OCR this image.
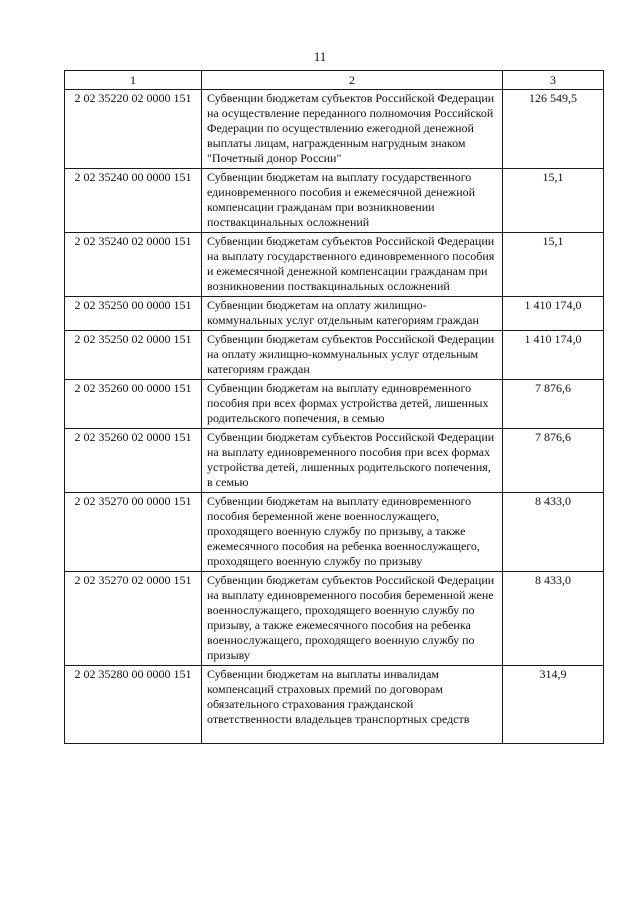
11
1	2	3
2 02 35220 02 0000 151	Субвенции бюджетам субъектов Российской Федерации на осуществление переданного полномочия Российской Федерации по осуществлению ежегодной денежной выплаты лицам, награжденным нагрудным знаком "Почетный донор России"	126 549,5
2 02 35240 00 0000 151	Субвенции бюджетам на выплату государственного единовременного пособия и ежемесячной денежной компенсации гражданам при возникновении поствакцинальных осложнений	15,1
2 02 35240 02 0000 151	Субвенции бюджетам субъектов Российской Федерации на выплату государственного единовременного пособия и ежемесячной денежной компенсации гражданам при возникновении поствакцинальных осложнений	15,1
2 02 35250 00 0000 151	Субвенции бюджетам на оплату жилищно-коммунальных услуг отдельным категориям граждан	1 410 174,0
2 02 35250 02 0000 151	Субвенции бюджетам субъектов Российской Федерации на оплату жилищно-коммунальных услуг отдельным категориям граждан	1 410 174,0
2 02 35260 00 0000 151	Субвенции бюджетам на выплату единовременного пособия при всех формах устройства детей, лишенных родительского попечения, в семью	7 876,6
2 02 35260 02 0000 151	Субвенции бюджетам субъектов Российской Федерации на выплату единовременного пособия при всех формах устройства детей, лишенных родительского попечения, в семью	7 876,6
2 02 35270 00 0000 151	Субвенции бюджетам на выплату единовременного пособия беременной жене военнослужащего, проходящего военную службу по призыву, а также ежемесячного пособия на ребенка военнослужащего, проходящего военную службу по призыву	8 433,0
2 02 35270 02 0000 151	Субвенции бюджетам субъектов Российской Федерации на выплату единовременного пособия беременной жене военнослужащего, проходящего военную службу по призыву, а также ежемесячного пособия на ребенка военнослужащего, проходящего военную службу по призыву	8 433,0
2 02 35280 00 0000 151	Субвенции бюджетам на выплаты инвалидам компенсаций страховых премий по договорам обязательного страхования гражданской ответственности владельцев транспортных средств	314,9
